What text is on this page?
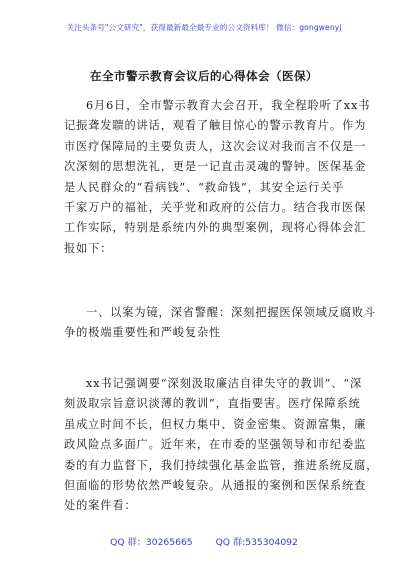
关注头条号"公文研究"，获得最新最全最专业的公文资料库！ 微信：gongwenyj
在全市警示教育会议后的心得体会（医保）
6月6日，全市警示教育大会召开，我全程聆听了xx书
记振聋发聩的讲话，观看了触目惊心的警示教育片。作为
市医疗保障局的主要负责人，这次会议对我而言不仅是一
次深刻的思想洗礼，更是一记直击灵魂的警钟。医保基金
是人民群众的“看病钱”、“救命钱”，其安全运行关乎
千家万户的福祉，关乎党和政府的公信力。结合我市医保
工作实际，特别是系统内外的典型案例，现将心得体会汇
报如下：
一、以案为镜，深省警醒：深刻把握医保领域反腐败斗
争的极端重要性和严峻复杂性
xx书记强调要“深刻汲取廉洁自律失守的教训”、“深
刻汲取宗旨意识淡薄的教训”，直指要害。医疗保障系统
虽成立时间不长，但权力集中、资金密集、资源富集，廉
政风险点多面广。近年来，在市委的坚强领导和市纪委监
委的有力监督下，我们持续强化基金监管，推进系统反腐，
但面临的形势依然严峻复杂。从通报的案例和医保系统查
处的案件看：
QQ 群：30265665 QQ 群:535304092
